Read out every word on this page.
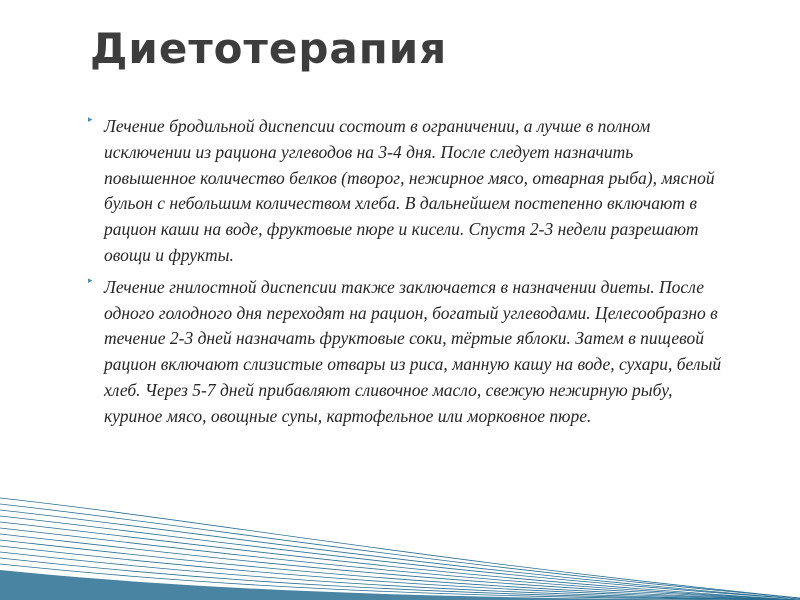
Диетотерапия
▸ Лечение бродильной диспепсии состоит в ограничении, а лучше в полном исключении из рациона углеводов на 3-4 дня. После следует назначить повышенное количество белков (творог, нежирное мясо, отварная рыба), мясной бульон с небольшим количеством хлеба. В дальнейшем постепенно включают в рацион каши на воде, фруктовые пюре и кисели. Спустя 2-3 недели разрешают овощи и фрукты.
▸ Лечение гнилостной диспепсии также заключается в назначении диеты. После одного голодного дня переходят на рацион, богатый углеводами. Целесообразно в течение 2-3 дней назначать фруктовые соки, тёртые яблоки. Затем в пищевой рацион включают слизистые отвары из риса, манную кашу на воде, сухари, белый хлеб. Через 5-7 дней прибавляют сливочное масло, свежую нежирную рыбу, куриное мясо, овощные супы, картофельное или морковное пюре.
